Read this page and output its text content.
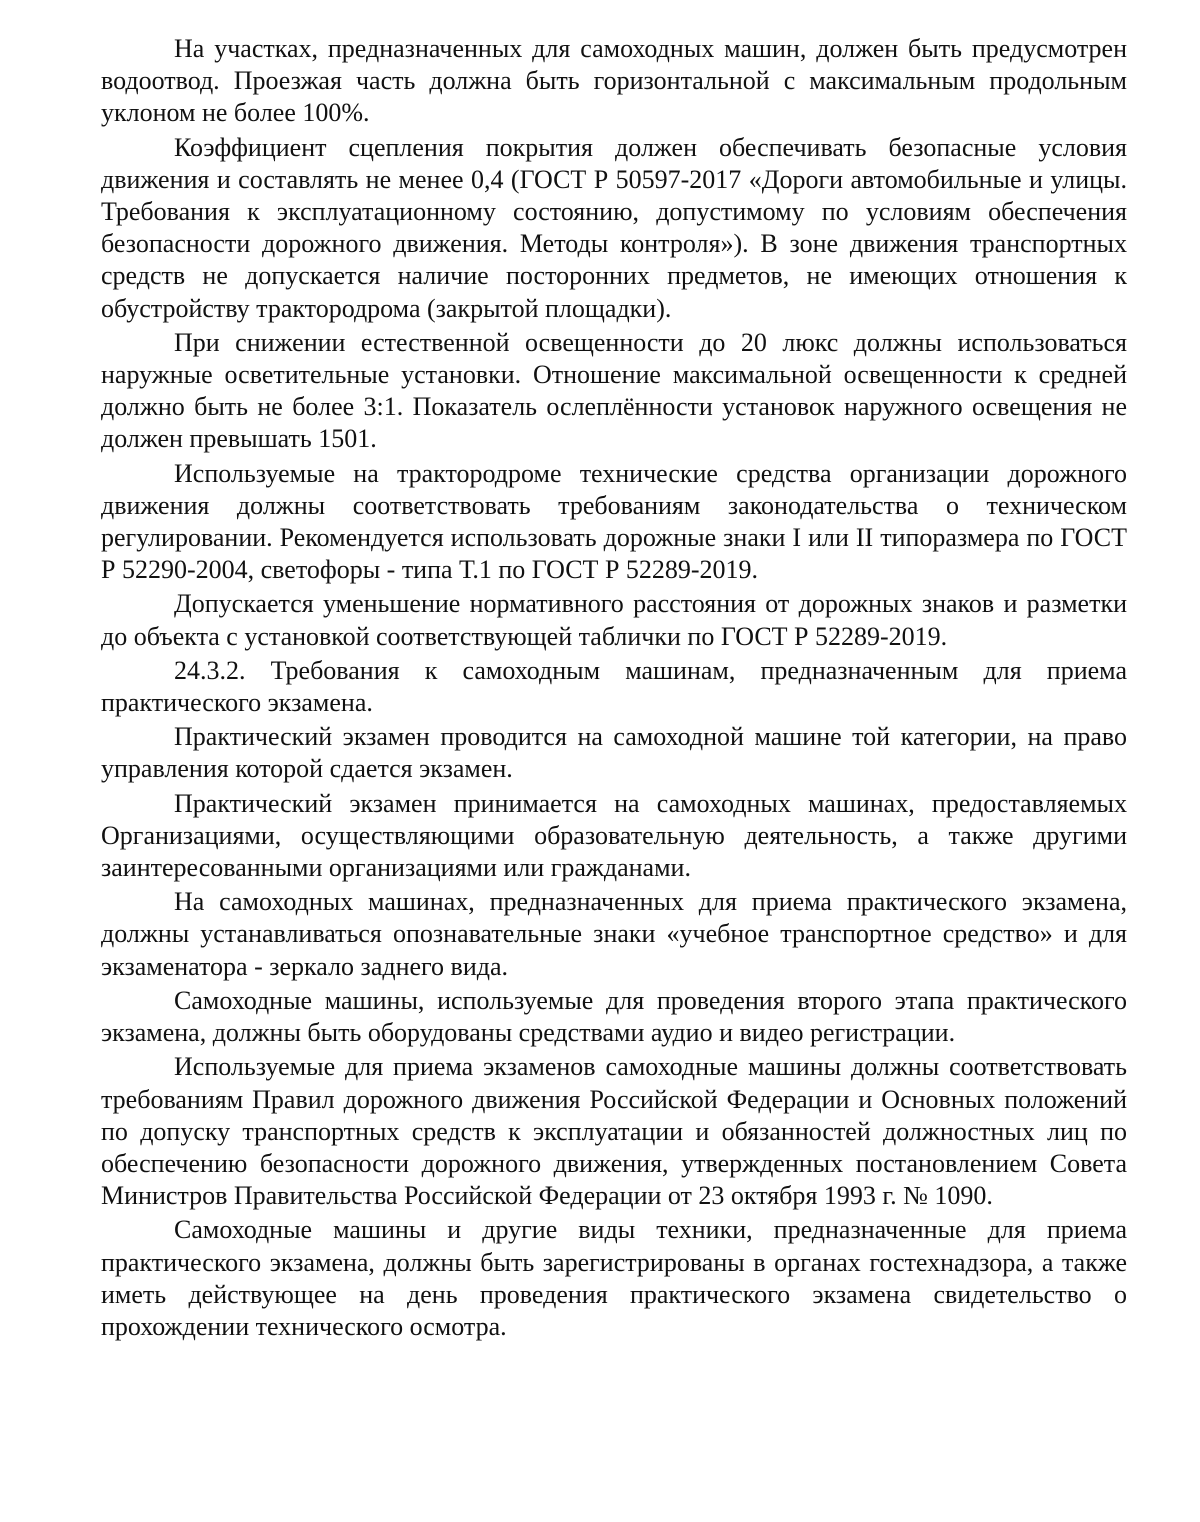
На участках, предназначенных для самоходных машин, должен быть предусмотрен водоотвод. Проезжая часть должна быть горизонтальной с максимальным продольным уклоном не более 100%.

Коэффициент сцепления покрытия должен обеспечивать безопасные условия движения и составлять не менее 0,4 (ГОСТ Р 50597-2017 «Дороги автомобильные и улицы. Требования к эксплуатационному состоянию, допустимому по условиям обеспечения безопасности дорожного движения. Методы контроля»). В зоне движения транспортных средств не допускается наличие посторонних предметов, не имеющих отношения к обустройству трактородрома (закрытой площадки).

При снижении естественной освещенности до 20 люкс должны использоваться наружные осветительные установки. Отношение максимальной освещенности к средней должно быть не более 3:1. Показатель ослеплённости установок наружного освещения не должен превышать 1501.

Используемые на трактородроме технические средства организации дорожного движения должны соответствовать требованиям законодательства о техническом регулировании. Рекомендуется использовать дорожные знаки I или II типоразмера по ГОСТ Р 52290-2004, светофоры - типа Т.1 по ГОСТ Р 52289-2019.

Допускается уменьшение нормативного расстояния от дорожных знаков и разметки до объекта с установкой соответствующей таблички по ГОСТ Р 52289-2019.

24.3.2. Требования к самоходным машинам, предназначенным для приема практического экзамена.

Практический экзамен проводится на самоходной машине той категории, на право управления которой сдается экзамен.

Практический экзамен принимается на самоходных машинах, предоставляемых Организациями, осуществляющими образовательную деятельность, а также другими заинтересованными организациями или гражданами.

На самоходных машинах, предназначенных для приема практического экзамена, должны устанавливаться опознавательные знаки «учебное транспортное средство» и для экзаменатора - зеркало заднего вида.

Самоходные машины, используемые для проведения второго этапа практического экзамена, должны быть оборудованы средствами аудио и видео регистрации.

Используемые для приема экзаменов самоходные машины должны соответствовать требованиям Правил дорожного движения Российской Федерации и Основных положений по допуску транспортных средств к эксплуатации и обязанностей должностных лиц по обеспечению безопасности дорожного движения, утвержденных постановлением Совета Министров Правительства Российской Федерации от 23 октября 1993 г. № 1090.

Самоходные машины и другие виды техники, предназначенные для приема практического экзамена, должны быть зарегистрированы в органах гостехнадзора, а также иметь действующее на день проведения практического экзамена свидетельство о прохождении технического осмотра.
